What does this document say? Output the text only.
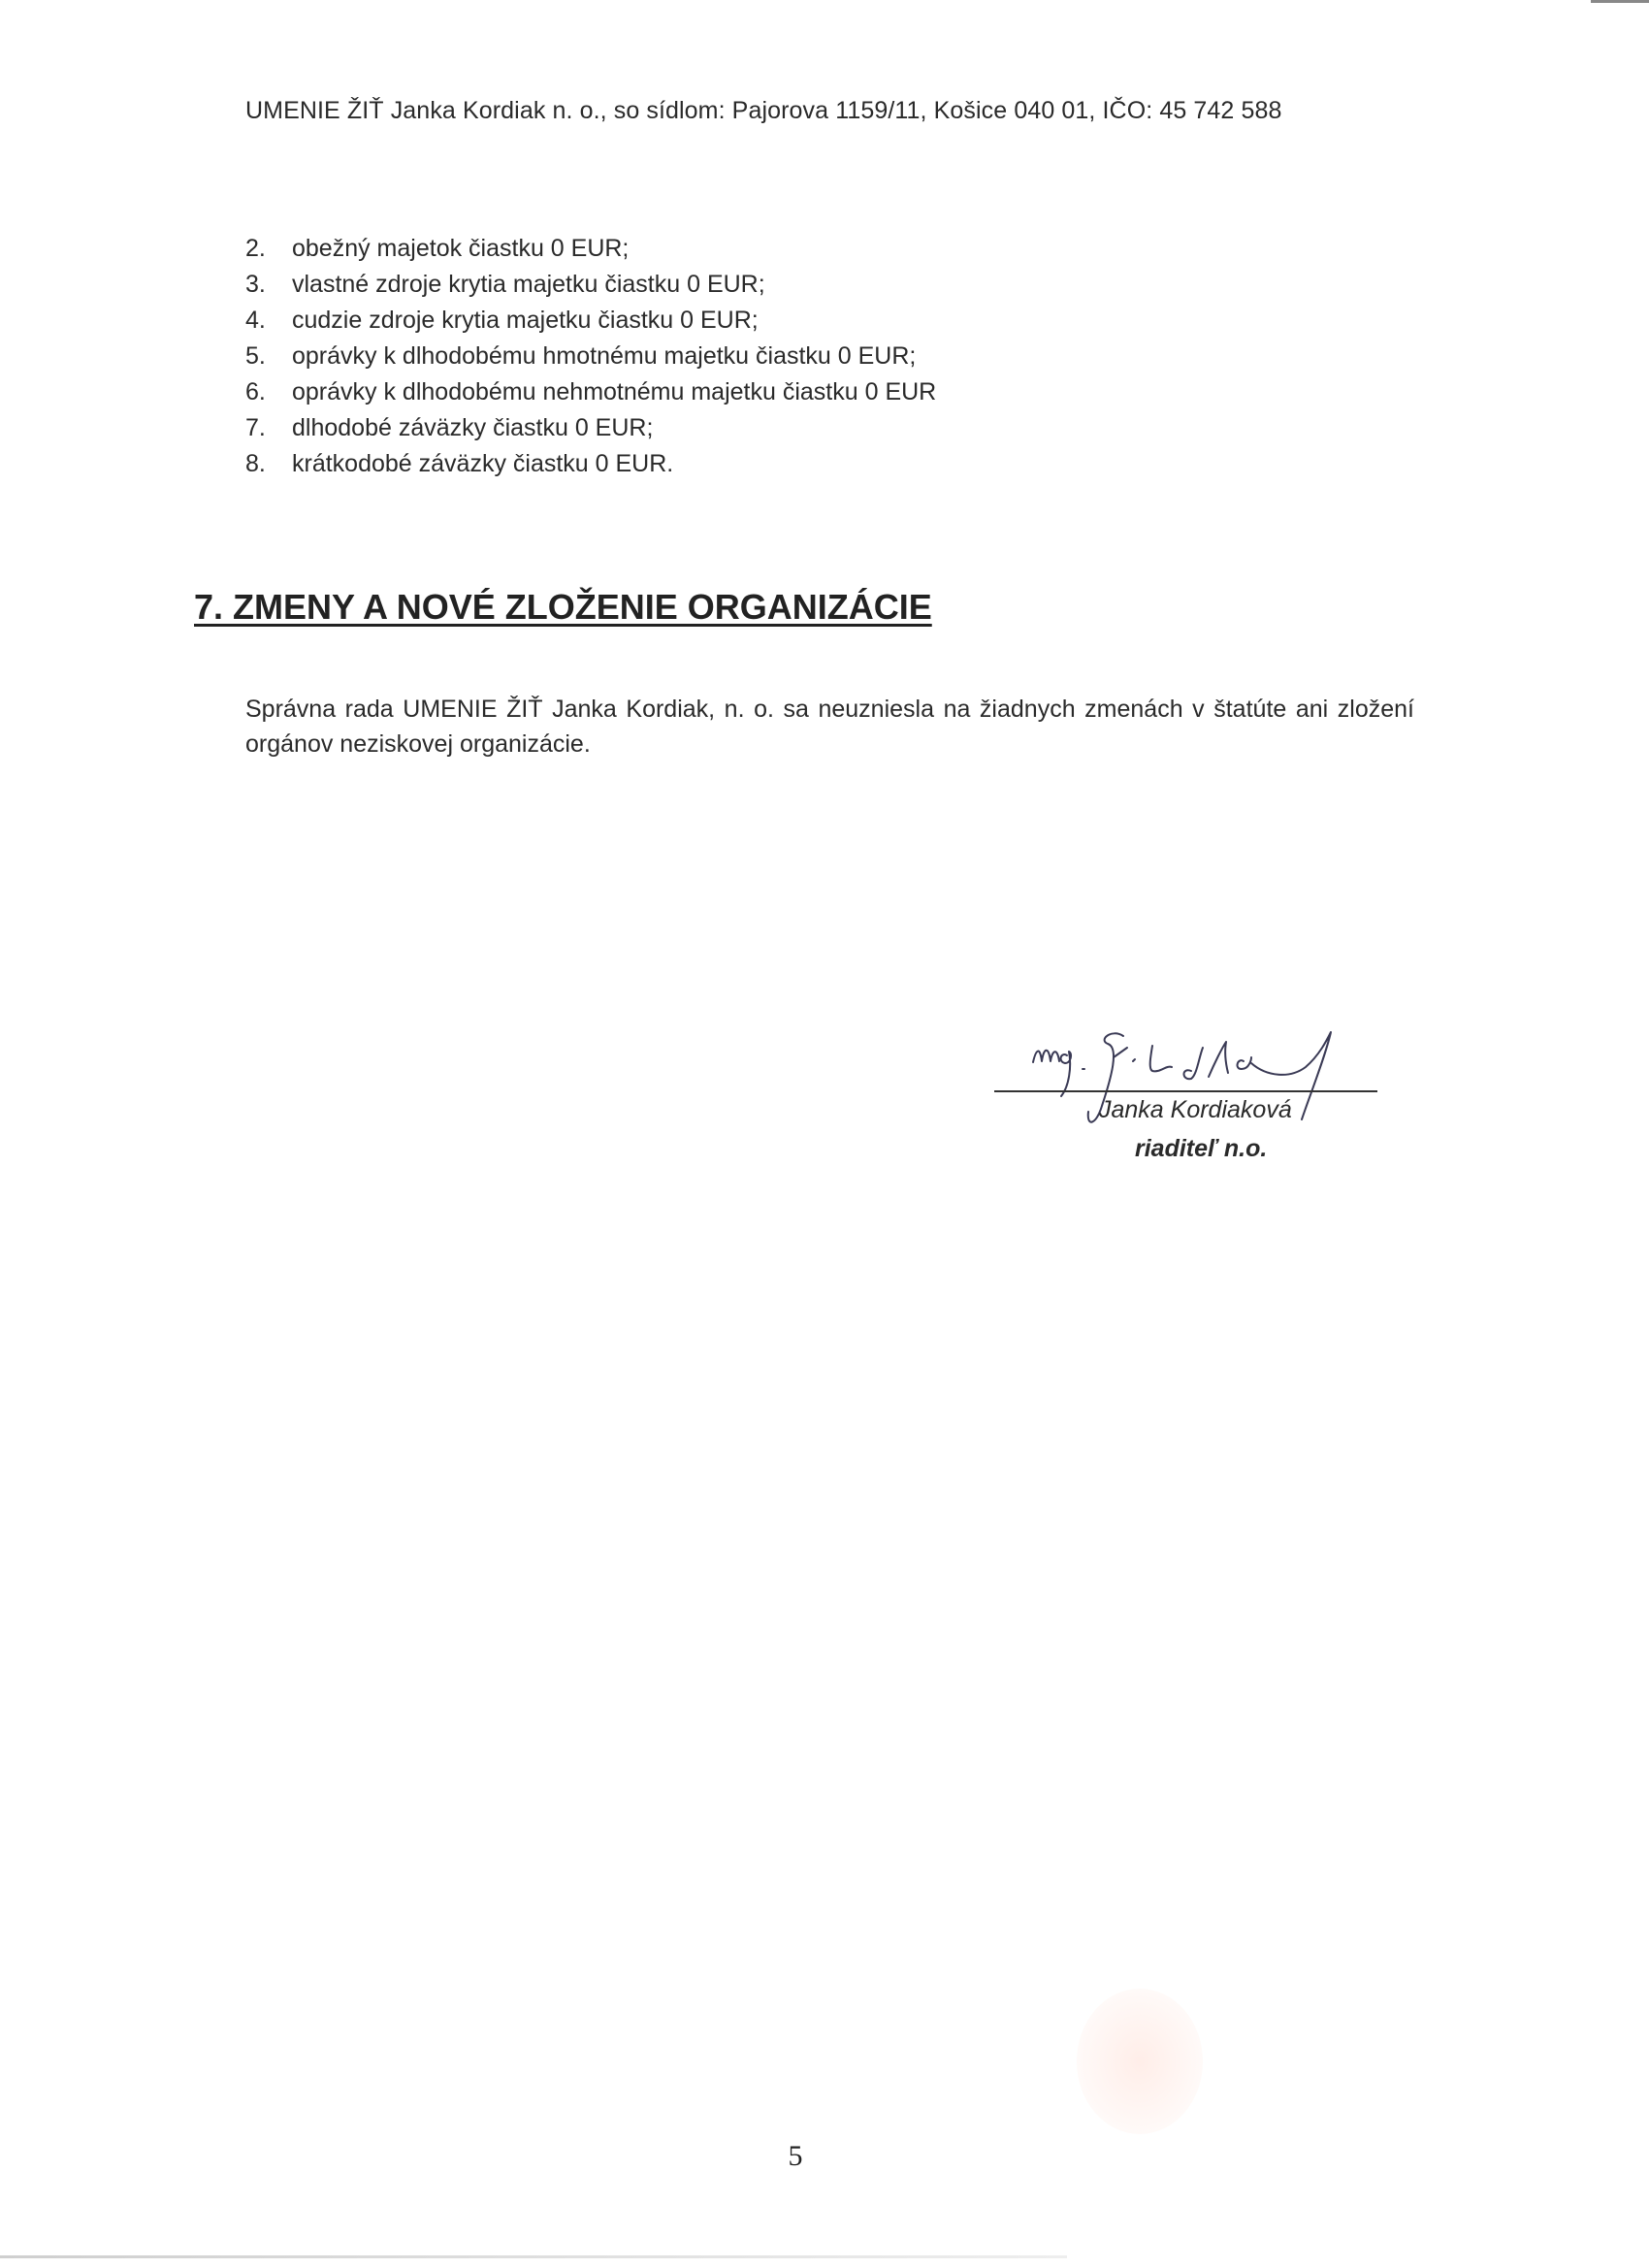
UMENIE ŽIŤ Janka Kordiak n. o., so sídlom: Pajorova 1159/11, Košice 040 01, IČO: 45 742 588
2. obežný majetok čiastku 0 EUR;
3. vlastné zdroje krytia majetku čiastku 0 EUR;
4. cudzie zdroje krytia majetku čiastku 0 EUR;
5. oprávky k dlhodobému hmotnému majetku čiastku 0 EUR;
6. oprávky k dlhodobému nehmotnému majetku čiastku 0 EUR
7. dlhodobé záväzky čiastku 0 EUR;
8. krátkodobé záväzky čiastku 0 EUR.
7. ZMENY A NOVÉ ZLOŽENIE ORGANIZÁCIE

Správna rada UMENIE ŽIŤ Janka Kordiak, n. o. sa neuzniesla na žiadnych zmenách v štatúte ani zložení orgánov neziskovej organizácie.

Janka Kordiaková
riaditeľ n.o.
5
